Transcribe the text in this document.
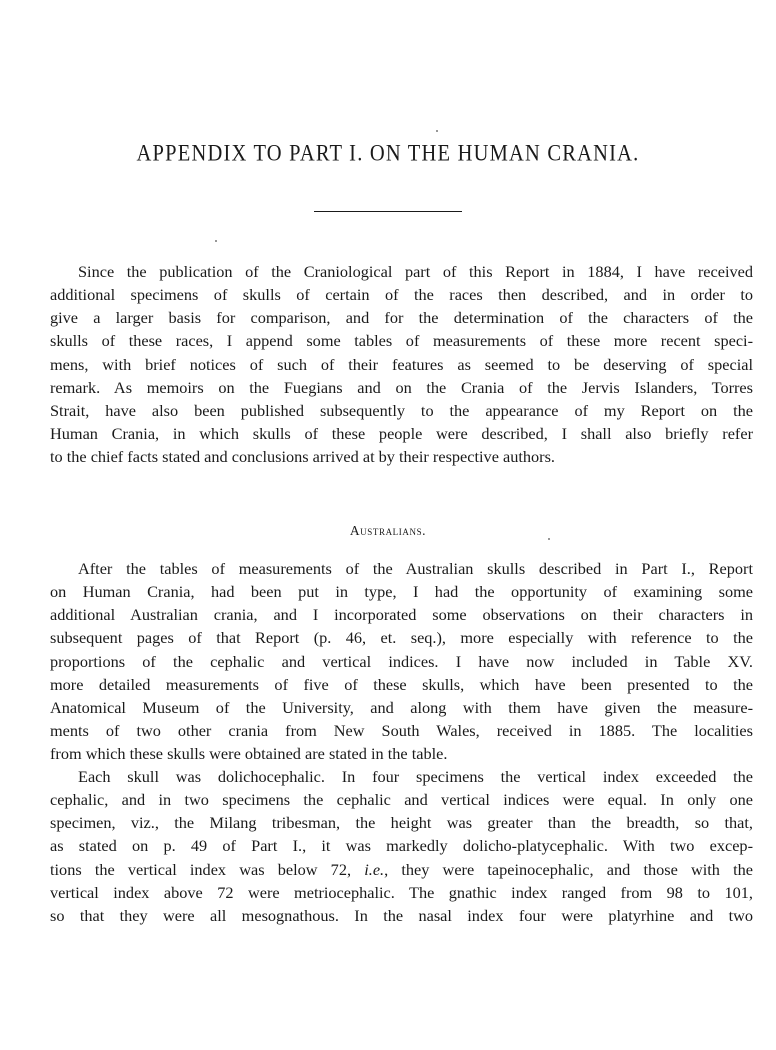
APPENDIX TO PART I. ON THE HUMAN CRANIA.

Since the publication of the Craniological part of this Report in 1884, I have received
additional specimens of skulls of certain of the races then described, and in order to
give a larger basis for comparison, and for the determination of the characters of the
skulls of these races, I append some tables of measurements of these more recent speci-
mens, with brief notices of such of their features as seemed to be deserving of special
remark. As memoirs on the Fuegians and on the Crania of the Jervis Islanders, Torres
Strait, have also been published subsequently to the appearance of my Report on the
Human Crania, in which skulls of these people were described, I shall also briefly refer
to the chief facts stated and conclusions arrived at by their respective authors.

Australians.

After the tables of measurements of the Australian skulls described in Part I., Report
on Human Crania, had been put in type, I had the opportunity of examining some
additional Australian crania, and I incorporated some observations on their characters in
subsequent pages of that Report (p. 46, et. seq.), more especially with reference to the
proportions of the cephalic and vertical indices. I have now included in Table XV.
more detailed measurements of five of these skulls, which have been presented to the
Anatomical Museum of the University, and along with them have given the measure-
ments of two other crania from New South Wales, received in 1885. The localities
from which these skulls were obtained are stated in the table.

Each skull was dolichocephalic. In four specimens the vertical index exceeded the
cephalic, and in two specimens the cephalic and vertical indices were equal. In only one
specimen, viz., the Milang tribesman, the height was greater than the breadth, so that,
as stated on p. 49 of Part I., it was markedly dolicho-platycephalic. With two excep-
tions the vertical index was below 72, i.e., they were tapeinocephalic, and those with the
vertical index above 72 were metriocephalic. The gnathic index ranged from 98 to 101,
so that they were all mesognathous. In the nasal index four were platyrhine and two
